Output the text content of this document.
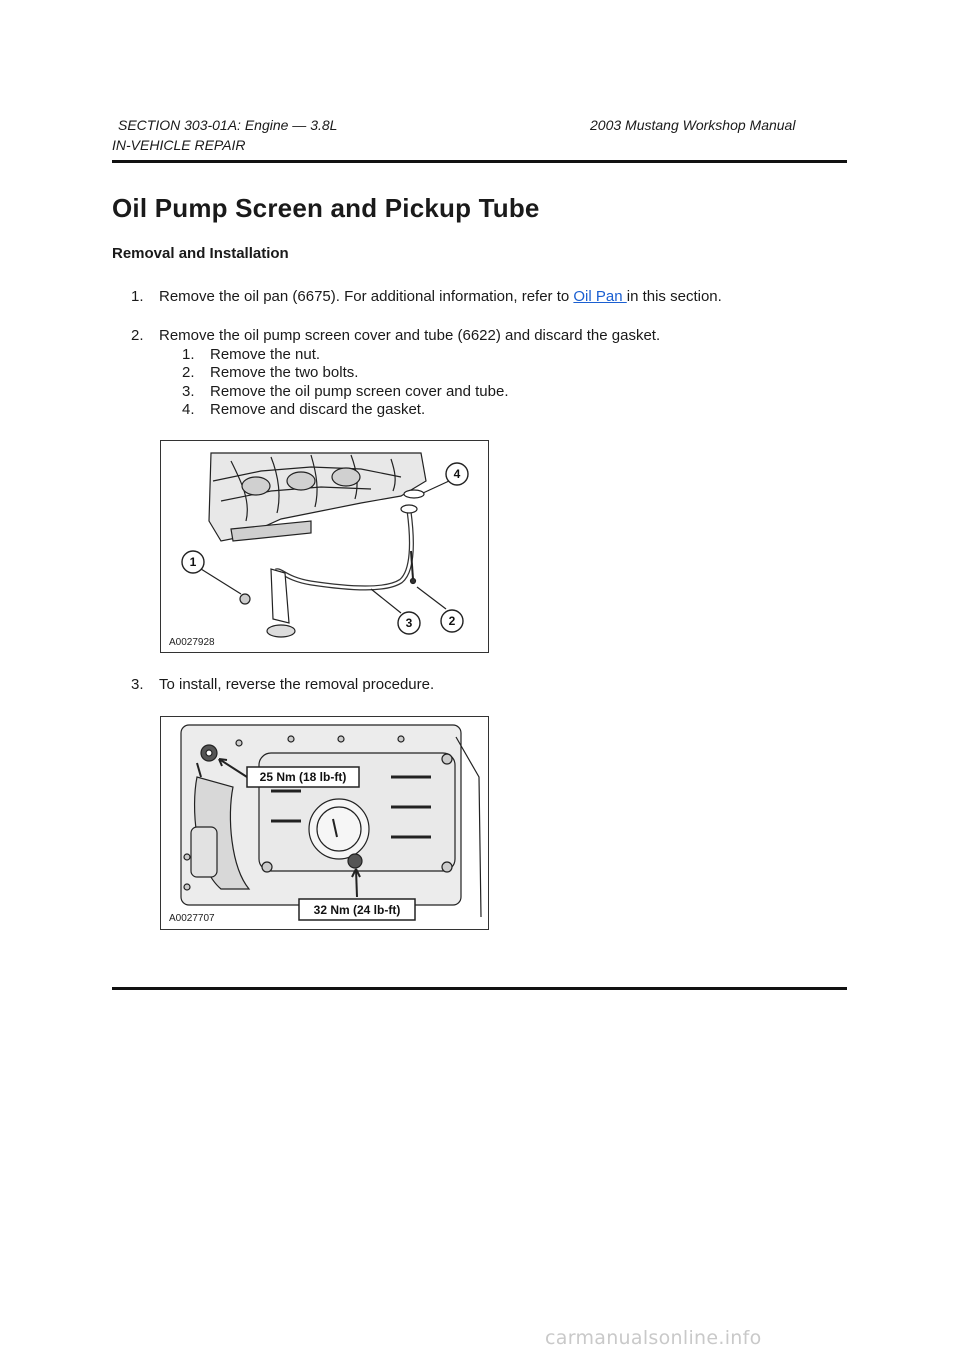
SECTION 303-01A: Engine — 3.8L	2003 Mustang Workshop Manual
IN-VEHICLE REPAIR
Oil Pump Screen and Pickup Tube
Removal and Installation
1. Remove the oil pan (6675). For additional information, refer to Oil Pan in this section.
2. Remove the oil pump screen cover and tube (6622) and discard the gasket.
1. Remove the nut.
2. Remove the two bolts.
3. Remove the oil pump screen cover and tube.
4. Remove and discard the gasket.
1
2
3
4
A0027928
3. To install, reverse the removal procedure.
25 Nm (18 lb-ft)
32 Nm (24 lb-ft)
A0027707
carmanualsonline.info
